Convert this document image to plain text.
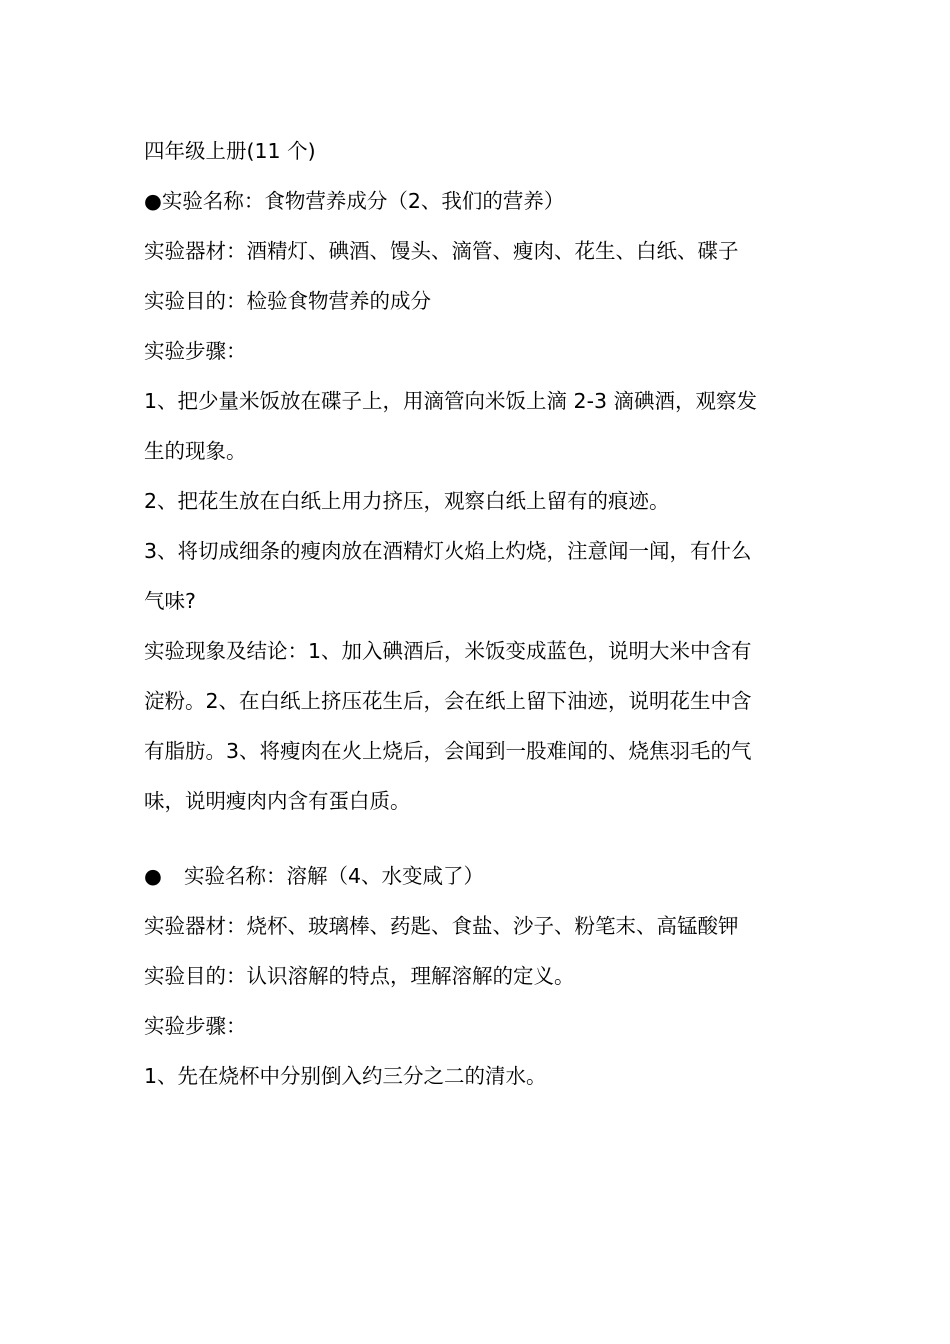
四年级上册(11 个)
●实验名称：食物营养成分（2、我们的营养）
实验器材：酒精灯、碘酒、馒头、滴管、瘦肉、花生、白纸、碟子
实验目的：检验食物营养的成分
实验步骤：
1、把少量米饭放在碟子上，用滴管向米饭上滴 2-3 滴碘酒，观察发
生的现象。
2、把花生放在白纸上用力挤压，观察白纸上留有的痕迹。
3、将切成细条的瘦肉放在酒精灯火焰上灼烧，注意闻一闻，有什么
气味?
实验现象及结论：1、加入碘酒后，米饭变成蓝色，说明大米中含有
淀粉。2、在白纸上挤压花生后，会在纸上留下油迹，说明花生中含
有脂肪。3、将瘦肉在火上烧后，会闻到一股难闻的、烧焦羽毛的气
味，说明瘦肉内含有蛋白质。
● 实验名称：溶解（4、水变咸了）
实验器材：烧杯、玻璃棒、药匙、食盐、沙子、粉笔末、高锰酸钾
实验目的：认识溶解的特点，理解溶解的定义。
实验步骤：
1、先在烧杯中分别倒入约三分之二的清水。
